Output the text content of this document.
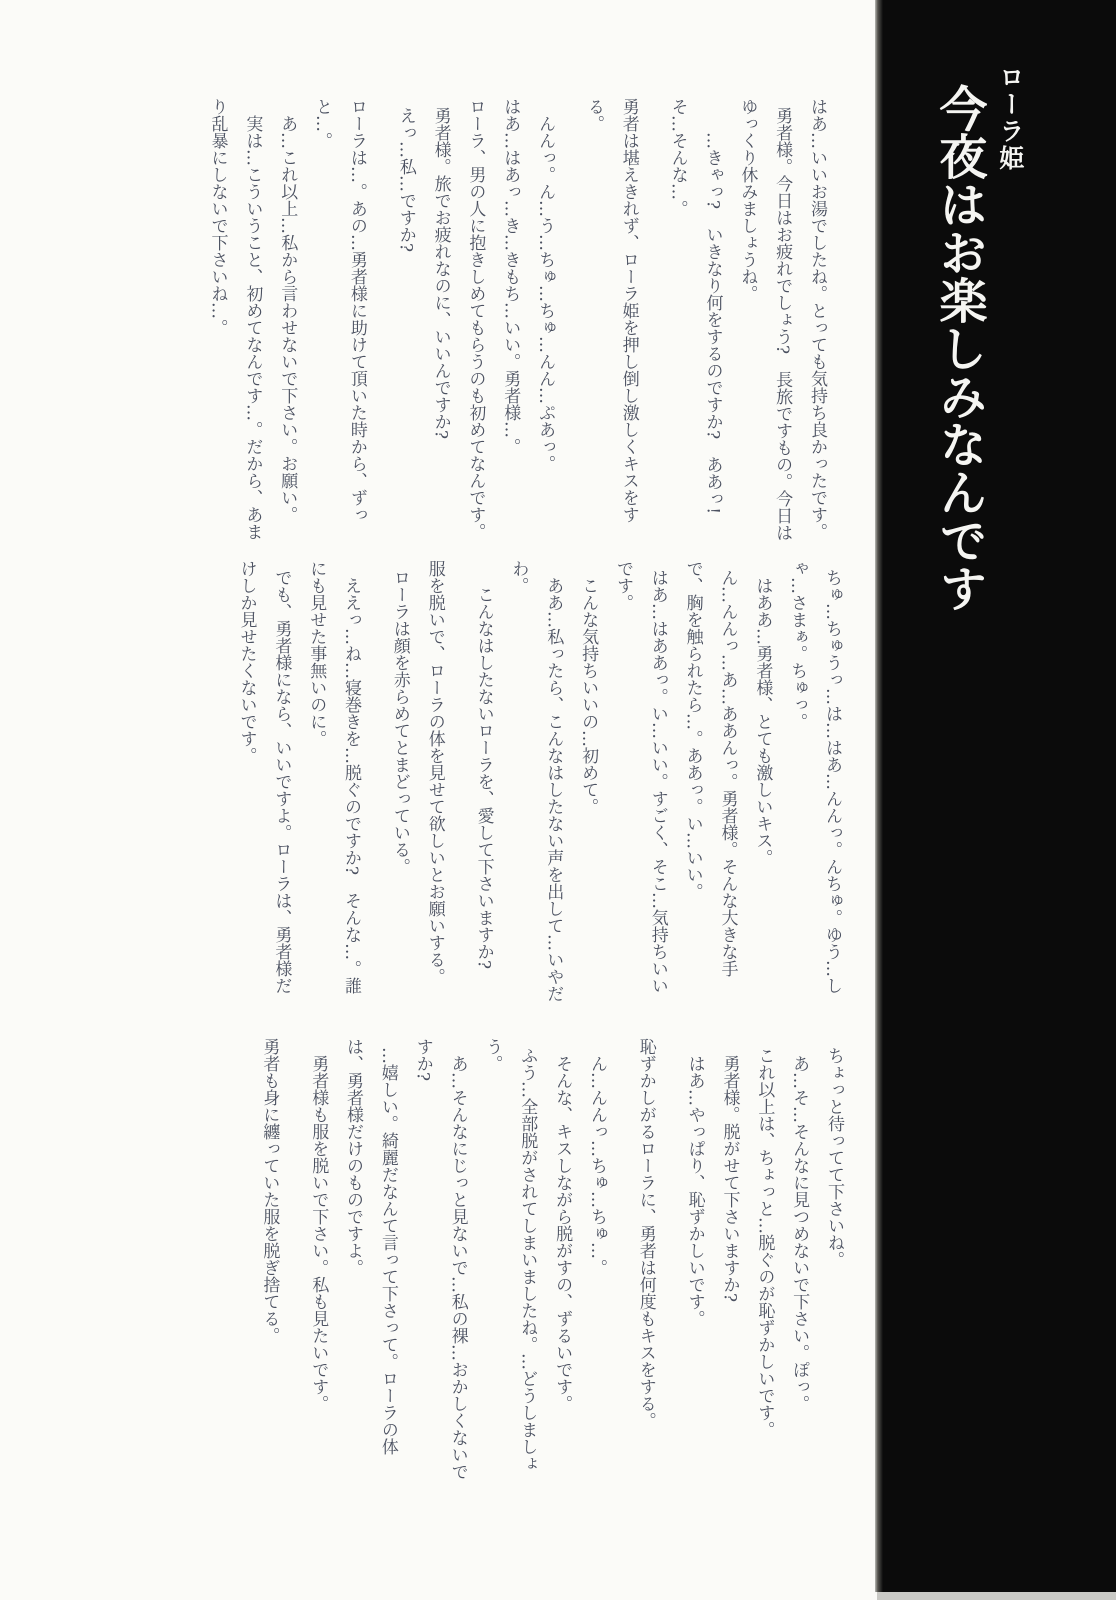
ローラ姫
今夜はお楽しみなんです

はあ…いいお湯でしたね。とっても気持ち良かったです。

勇者様。今日はお疲れでしょう?　長旅ですもの。今日はゆっくり休みましょうね。

…きゃっ?　いきなり何をするのですか?　ああっ!

そ…そんな…。

勇者は堪えきれず、ローラ姫を押し倒し激しくキスをする。

んんっ。ん…う…ちゅ…ちゅ…んん…ぷあっ。

はあ…はあっ…き…きもち…いい。勇者様…。

ローラ、男の人に抱きしめてもらうのも初めてなんです。

勇者様。旅でお疲れなのに、いいんですか?

えっ…私…ですか?

ローラは…。あの…勇者様に助けて頂いた時から、ずっと…。

あ…これ以上…私から言わせないで下さい。お願い。

実は…こういうこと、初めてなんです…。だから、あまり乱暴にしないで下さいね…。

ちゅ…ちゅうっ…は…はあ…んんっ。んちゅ。ゆう…しゃ…さまぁ。ちゅっ。

はああ…勇者様、とても激しいキス。

ん…んんっ…あ…ああんっ。勇者様。そんな大きな手で、胸を触られたら…。ああっ。い…いい。

はあ…はああっ。い…いい。すごく、そこ…気持ちいいです。

こんな気持ちいいの…初めて。

ああ…私ったら、こんなはしたない声を出して…いやだわ。

こんなはしたないローラを、愛して下さいますか?

服を脱いで、ローラの体を見せて欲しいとお願いする。

ローラは顔を赤らめてとまどっている。

ええっ…ね…寝巻きを…脱ぐのですか?　そんな…。誰にも見せた事無いのに。

でも、勇者様になら、いいですよ。ローラは、勇者様だけしか見せたくないです。

ちょっと待ってて下さいね。

あ…そ…そんなに見つめないで下さい。ぽっ。

これ以上は、ちょっと…脱ぐのが恥ずかしいです。

勇者様。脱がせて下さいますか?

はあ…やっぱり、恥ずかしいです。

恥ずかしがるローラに、勇者は何度もキスをする。

ん…んんっ…ちゅ…ちゅ…。

そんな、キスしながら脱がすの、ずるいです。

ふう…全部脱がされてしまいましたね。…どうしましょう。

あ…そんなにじっと見ないで…私の裸…おかしくないですか?

…嬉しい。綺麗だなんて言って下さって。ローラの体は、勇者様だけのものですよ。

勇者様も服を脱いで下さい。私も見たいです。

勇者も身に纏っていた服を脱ぎ捨てる。
